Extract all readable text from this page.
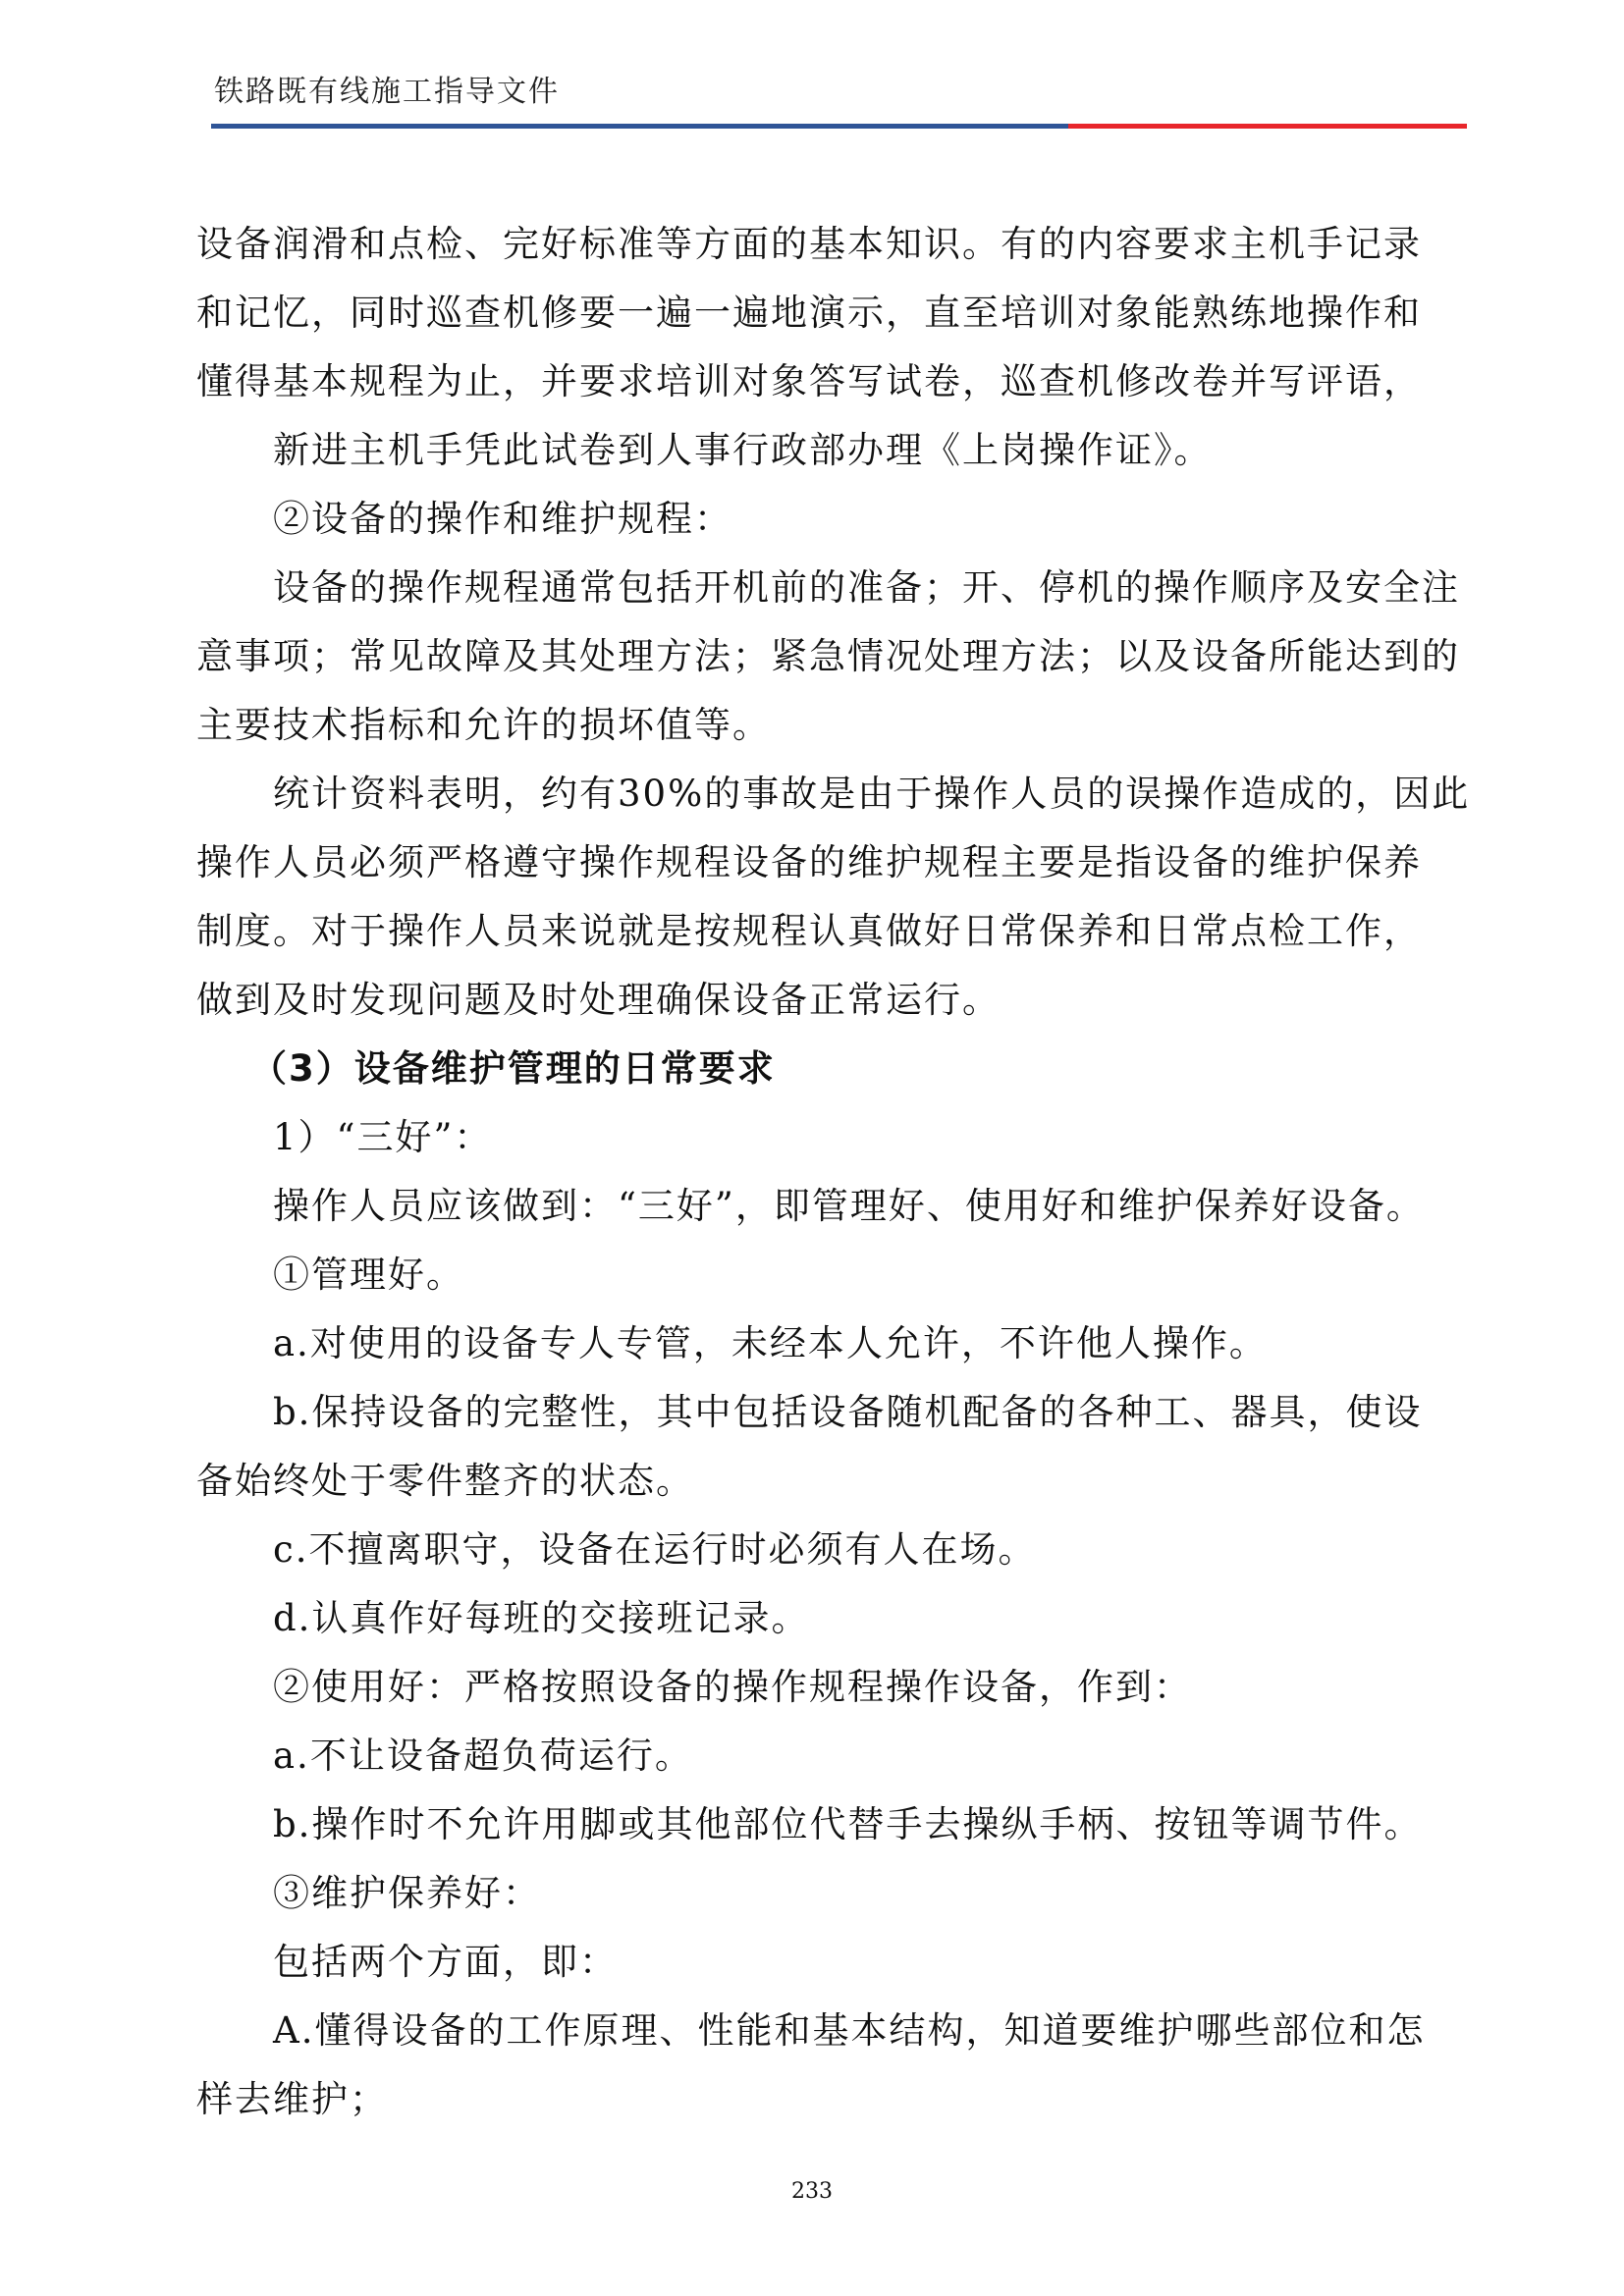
铁路既有线施工指导文件
设备润滑和点检、完好标准等方面的基本知识。有的内容要求主机手记录
和记忆，同时巡查机修要一遍一遍地演示，直至培训对象能熟练地操作和
懂得基本规程为止，并要求培训对象答写试卷，巡查机修改卷并写评语，
新进主机手凭此试卷到人事行政部办理《上岗操作证》。
②设备的操作和维护规程：
设备的操作规程通常包括开机前的准备；开、停机的操作顺序及安全注
意事项；常见故障及其处理方法；紧急情况处理方法；以及设备所能达到的
主要技术指标和允许的损坏值等。
统计资料表明，约有30%的事故是由于操作人员的误操作造成的，因此
操作人员必须严格遵守操作规程设备的维护规程主要是指设备的维护保养
制度。对于操作人员来说就是按规程认真做好日常保养和日常点检工作，
做到及时发现问题及时处理确保设备正常运行。
（3）设备维护管理的日常要求
1）“三好”：
操作人员应该做到：“三好”，即管理好、使用好和维护保养好设备。
①管理好。
a.对使用的设备专人专管，未经本人允许，不许他人操作。
b.保持设备的完整性，其中包括设备随机配备的各种工、器具，使设
备始终处于零件整齐的状态。
c.不擅离职守，设备在运行时必须有人在场。
d.认真作好每班的交接班记录。
②使用好：严格按照设备的操作规程操作设备，作到：
a.不让设备超负荷运行。
b.操作时不允许用脚或其他部位代替手去操纵手柄、按钮等调节件。
③维护保养好：
包括两个方面，即：
A.懂得设备的工作原理、性能和基本结构，知道要维护哪些部位和怎
样去维护；
233
